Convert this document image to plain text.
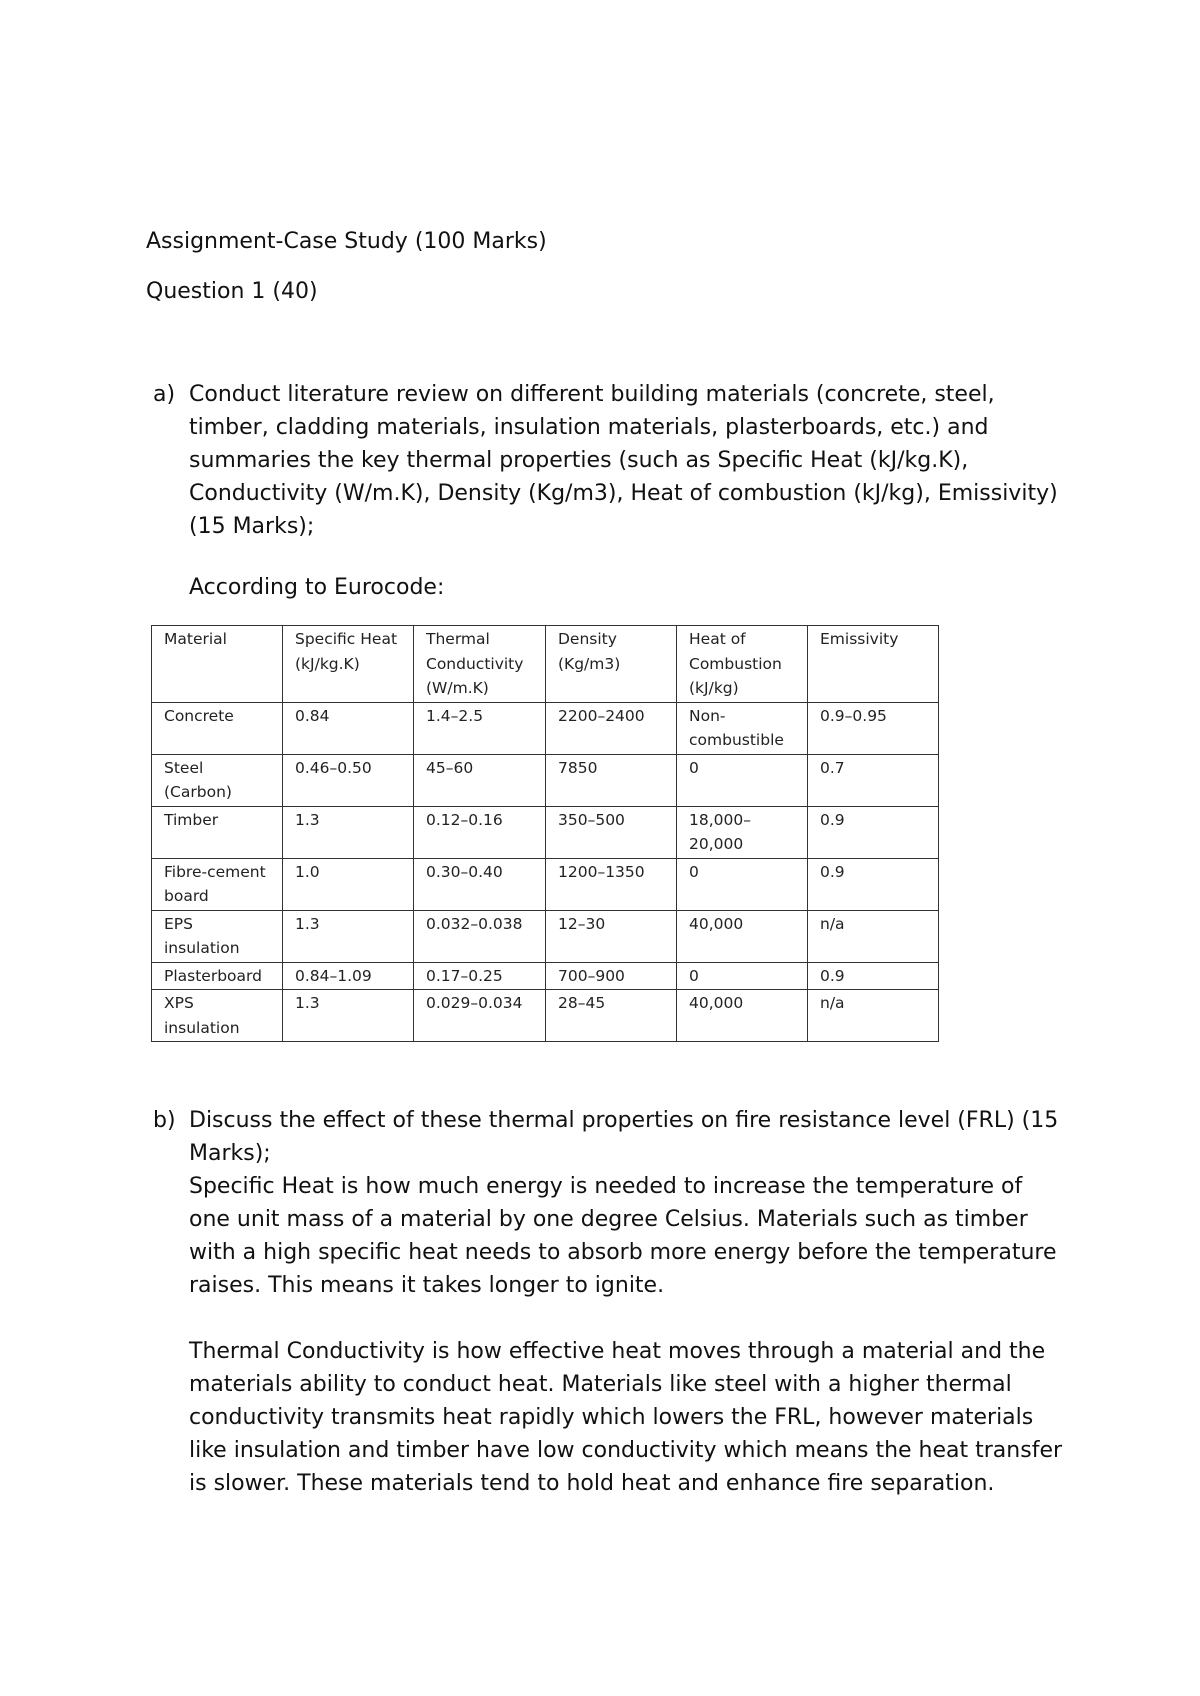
Assignment-Case Study (100 Marks)
Question 1 (40)
a) Conduct literature review on different building materials (concrete, steel, timber, cladding materials, insulation materials, plasterboards, etc.) and summaries the key thermal properties (such as Specific Heat (kJ/kg.K), Conductivity (W/m.K), Density (Kg/m3), Heat of combustion (kJ/kg), Emissivity) (15 Marks);

According to Eurocode:
Material	Specific Heat (kJ/kg.K)	Thermal Conductivity (W/m.K)	Density (Kg/m3)	Heat of Combustion (kJ/kg)	Emissivity
Concrete	0.84	1.4–2.5	2200–2400	Non-combustible	0.9–0.95
Steel (Carbon)	0.46–0.50	45–60	7850	0	0.7
Timber	1.3	0.12–0.16	350–500	18,000–20,000	0.9
Fibre-cement board	1.0	0.30–0.40	1200–1350	0	0.9
EPS insulation	1.3	0.032–0.038	12–30	40,000	n/a
Plasterboard	0.84–1.09	0.17–0.25	700–900	0	0.9
XPS insulation	1.3	0.029–0.034	28–45	40,000	n/a
b) Discuss the effect of these thermal properties on fire resistance level (FRL) (15 Marks);

Specific Heat is how much energy is needed to increase the temperature of one unit mass of a material by one degree Celsius. Materials such as timber with a high specific heat needs to absorb more energy before the temperature raises. This means it takes longer to ignite.

Thermal Conductivity is how effective heat moves through a material and the materials ability to conduct heat. Materials like steel with a higher thermal conductivity transmits heat rapidly which lowers the FRL, however materials like insulation and timber have low conductivity which means the heat transfer is slower. These materials tend to hold heat and enhance fire separation.
